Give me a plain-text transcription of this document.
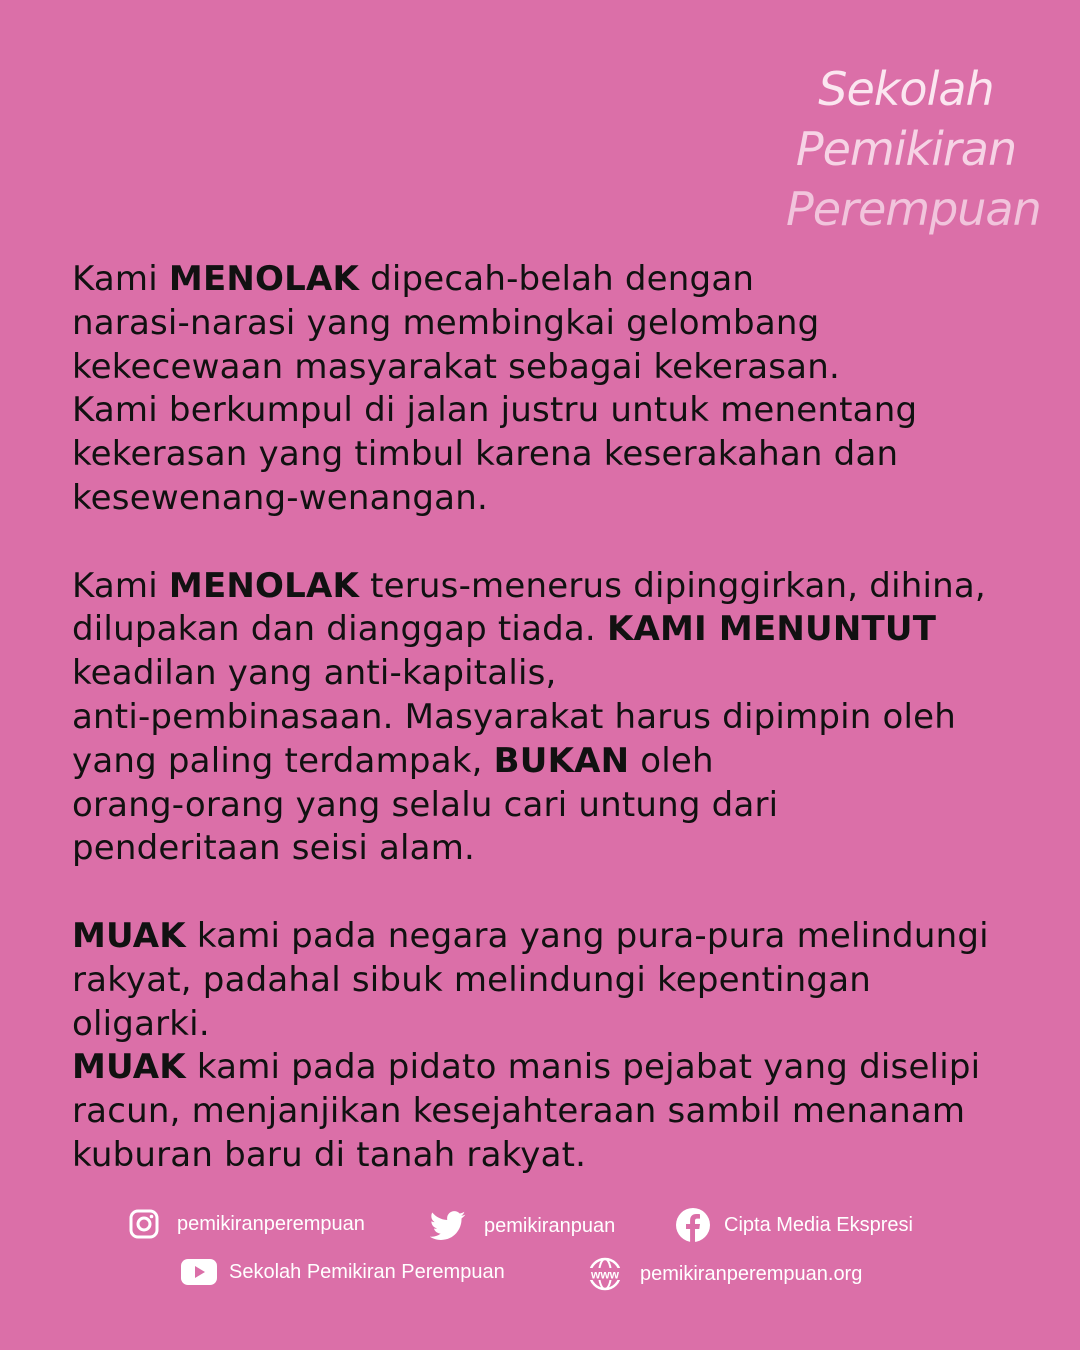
Sekolah
Pemikiran
Perempuan
Kami MENOLAK dipecah-belah dengan
narasi-narasi yang membingkai gelombang
kekecewaan masyarakat sebagai kekerasan.
Kami berkumpul di jalan justru untuk menentang
kekerasan yang timbul karena keserakahan dan
kesewenang-wenangan.
Kami MENOLAK terus-menerus dipinggirkan, dihina,
dilupakan dan dianggap tiada. KAMI MENUNTUT
keadilan yang anti-kapitalis,
anti-pembinasaan. Masyarakat harus dipimpin oleh
yang paling terdampak, BUKAN oleh
orang-orang yang selalu cari untung dari
penderitaan seisi alam.
MUAK kami pada negara yang pura-pura melindungi
rakyat, padahal sibuk melindungi kepentingan
oligarki.
MUAK kami pada pidato manis pejabat yang diselipi
racun, menjanjikan kesejahteraan sambil menanam
kuburan baru di tanah rakyat.
pemikiranperempuan	pemikiranpuan	Cipta Media Ekspresi
Sekolah Pemikiran Perempuan	www pemikiranperempuan.org
